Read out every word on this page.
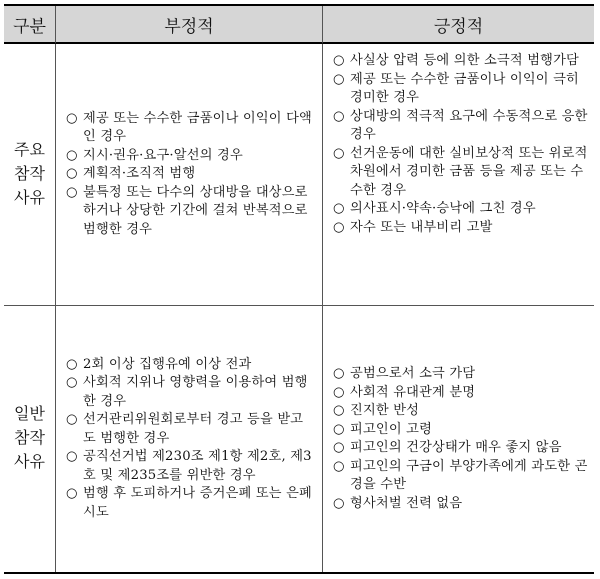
구분	부정적	긍정적
주요
참작
사유
○ 제공 또는 수수한 금품이나 이익이 다액인 경우
○ 지시·권유·요구·알선의 경우
○ 계획적·조직적 범행
○ 불특정 또는 다수의 상대방을 대상으로 하거나 상당한 기간에 걸쳐 반복적으로 범행한 경우
○ 사실상 압력 등에 의한 소극적 범행가담
○ 제공 또는 수수한 금품이나 이익이 극히 경미한 경우
○ 상대방의 적극적 요구에 수동적으로 응한 경우
○ 선거운동에 대한 실비보상적 또는 위로적 차원에서 경미한 금품 등을 제공 또는 수수한 경우
○ 의사표시·약속·승낙에 그친 경우
○ 자수 또는 내부비리 고발
일반
참작
사유
○ 2회 이상 집행유예 이상 전과
○ 사회적 지위나 영향력을 이용하여 범행한 경우
○ 선거관리위원회로부터 경고 등을 받고도 범행한 경우
○ 공직선거법 제230조 제1항 제2호, 제3호 및 제235조를 위반한 경우
○ 범행 후 도피하거나 증거은폐 또는 은폐 시도
○ 공범으로서 소극 가담
○ 사회적 유대관계 분명
○ 진지한 반성
○ 피고인이 고령
○ 피고인의 건강상태가 매우 좋지 않음
○ 피고인의 구금이 부양가족에게 과도한 곤경을 수반
○ 형사처벌 전력 없음
